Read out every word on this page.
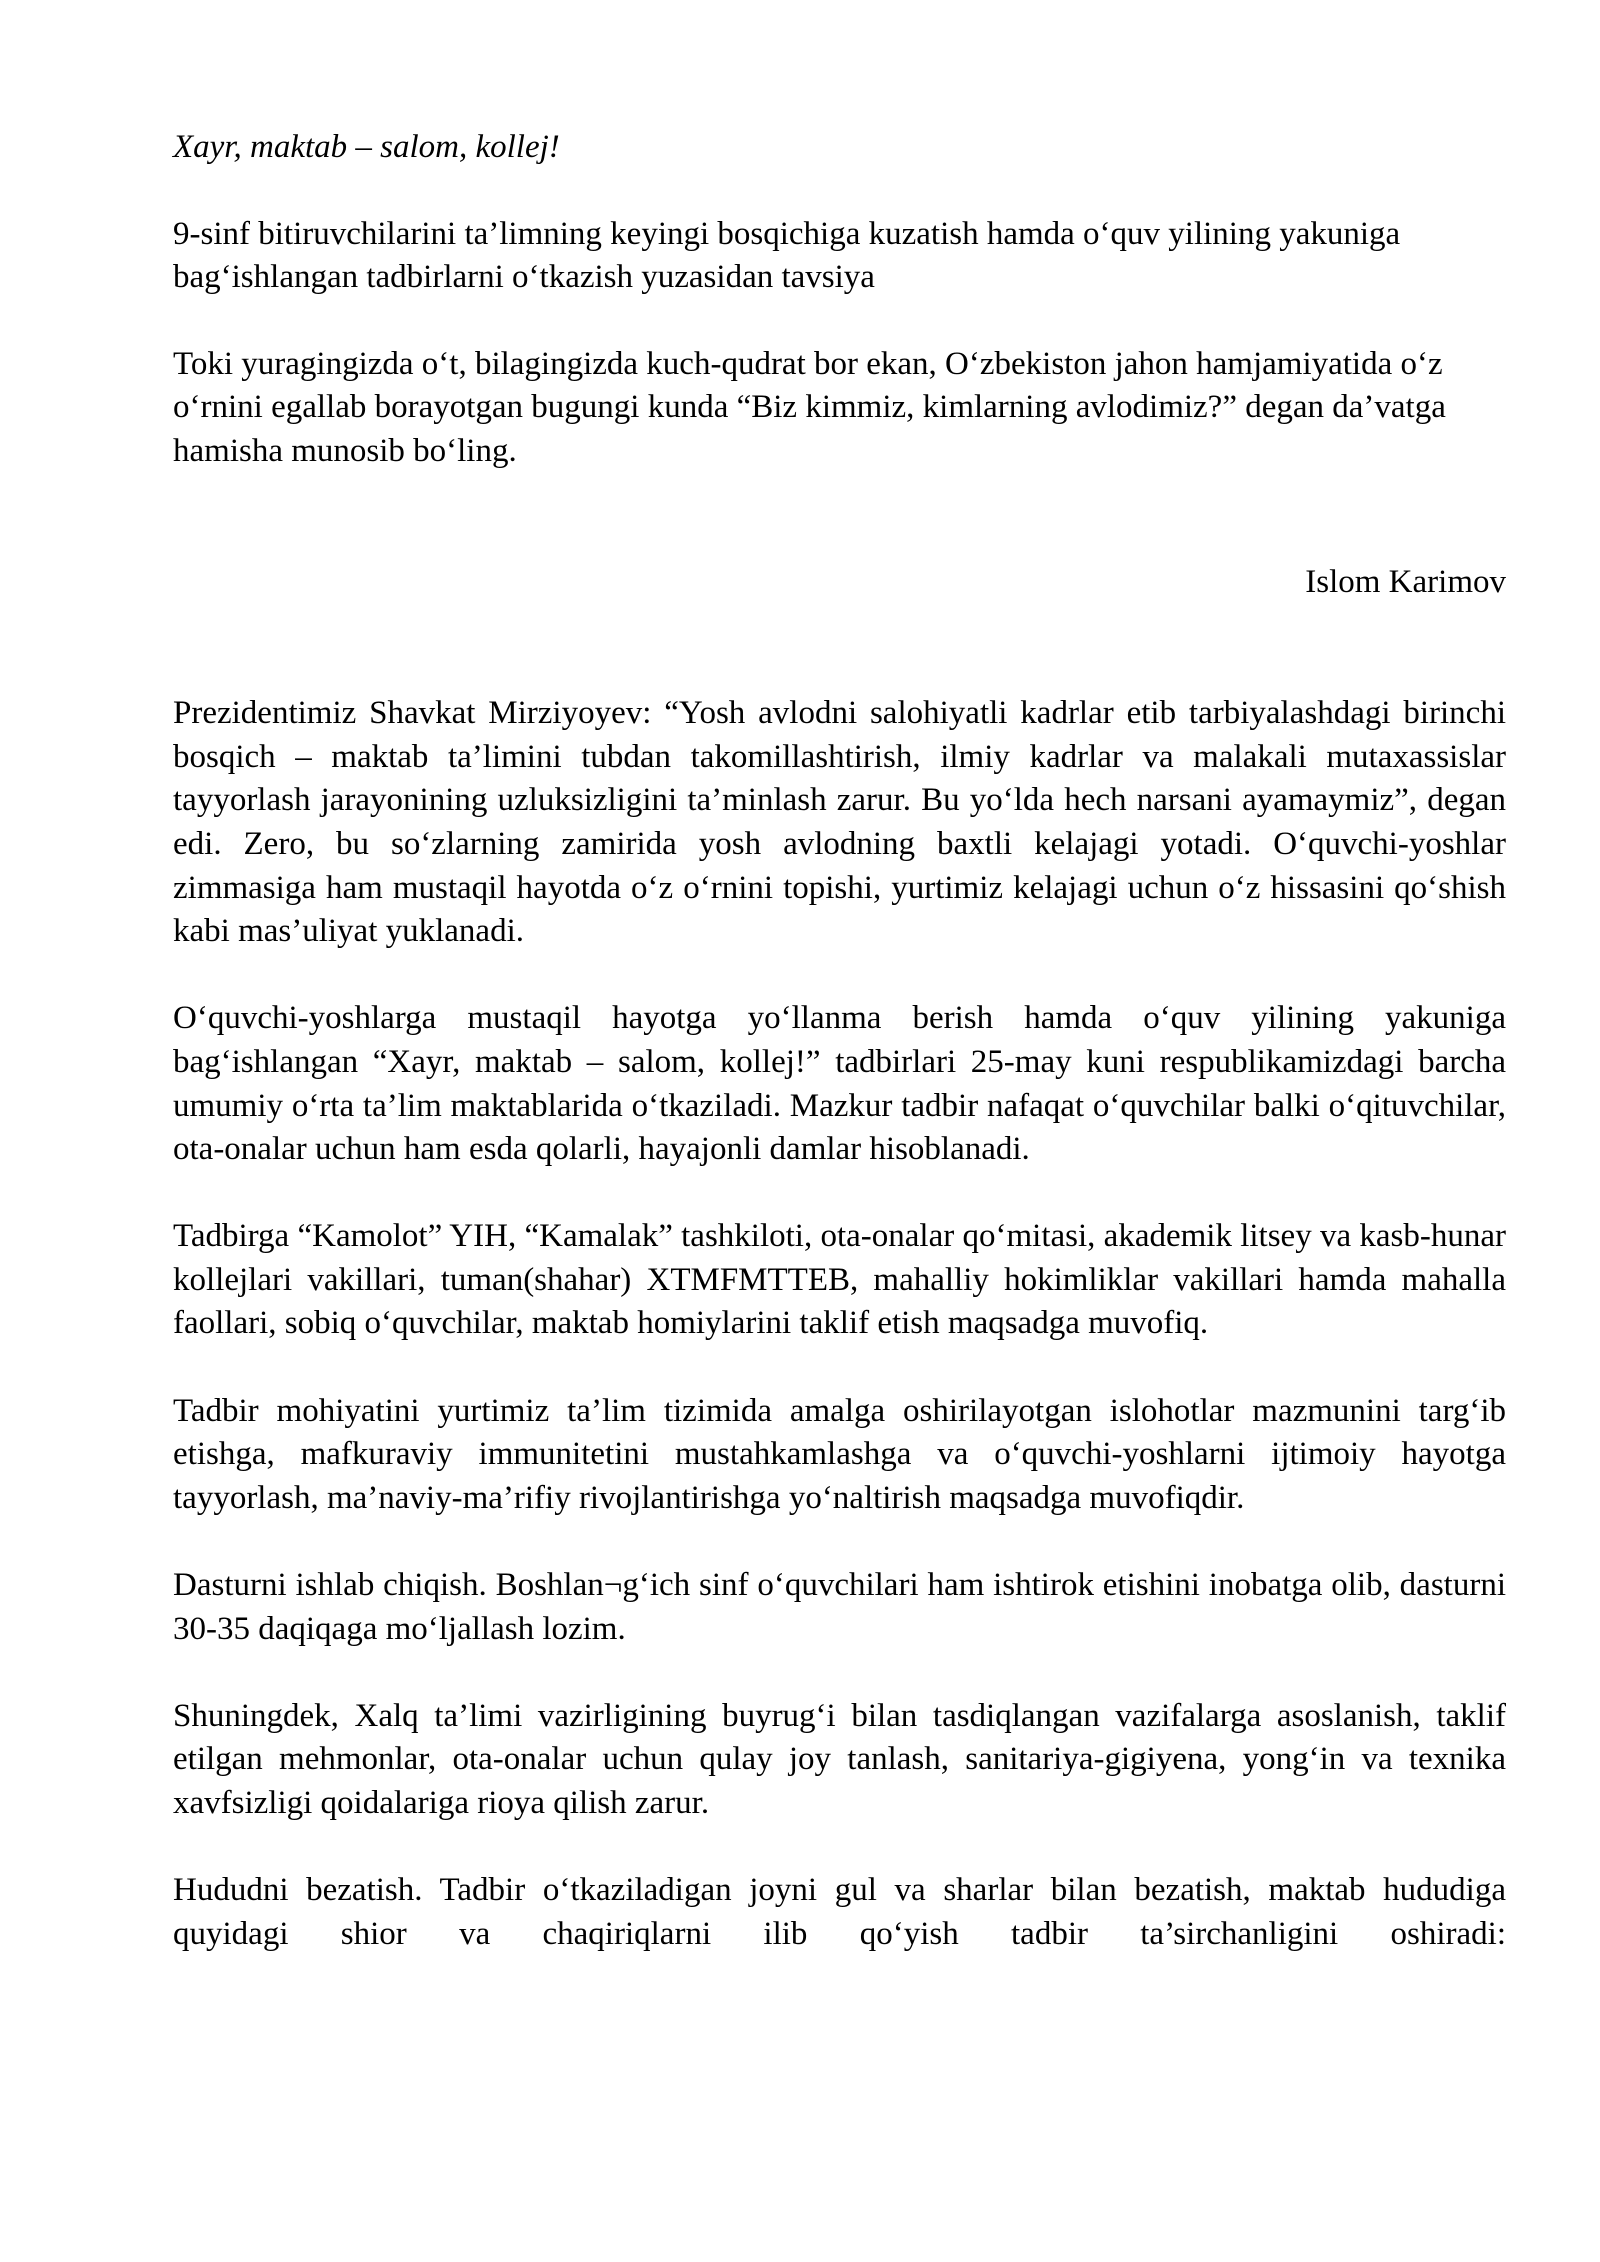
Xayr, maktab – salom, kollej!

9-sinf bitiruvchilarini ta’limning keyingi bosqichiga kuzatish hamda o‘quv yilining yakuniga bag‘ishlangan tadbirlarni o‘tkazish yuzasidan tavsiya

Toki yuragingizda o‘t, bilagingizda kuch-qudrat bor ekan, O‘zbekiston jahon hamjamiyatida o‘z o‘rnini egallab borayotgan bugungi kunda “Biz kimmiz, kimlarning avlodimiz?” degan da’vatga hamisha munosib bo‘ling.

Islom Karimov

Prezidentimiz Shavkat Mirziyoyev: “Yosh avlodni salohiyatli kadrlar etib tarbiyalashdagi birinchi bosqich – maktab ta’limini tubdan takomillashtirish, ilmiy kadrlar va malakali mutaxassislar tayyorlash jarayonining uzluksizligini ta’minlash zarur. Bu yo‘lda hech narsani ayamaymiz”, degan edi. Zero, bu so‘zlarning zamirida yosh avlodning baxtli kelajagi yotadi. O‘quvchi-yoshlar zimmasiga ham mustaqil hayotda o‘z o‘rnini topishi, yurtimiz kelajagi uchun o‘z hissasini qo‘shish kabi mas’uliyat yuklanadi.

O‘quvchi-yoshlarga mustaqil hayotga yo‘llanma berish hamda o‘quv yilining yakuniga bag‘ishlangan “Xayr, maktab – salom, kollej!” tadbirlari 25-may kuni respublikamizdagi barcha umumiy o‘rta ta’lim maktablarida o‘tkaziladi. Mazkur tadbir nafaqat o‘quvchilar balki o‘qituvchilar, ota-onalar uchun ham esda qolarli, hayajonli damlar hisoblanadi.

Tadbirga “Kamolot” YIH, “Kamalak” tashkiloti, ota-onalar qo‘mitasi, akademik litsey va kasb-hunar kollejlari vakillari, tuman(shahar) XTMFMTTEB, mahalliy hokimliklar vakillari hamda mahalla faollari, sobiq o‘quvchilar, maktab homiylarini taklif etish maqsadga muvofiq.

Tadbir mohiyatini yurtimiz ta’lim tizimida amalga oshirilayotgan islohotlar mazmunini targ‘ib etishga, mafkuraviy immunitetini mustahkamlashga va o‘quvchi-yoshlarni ijtimoiy hayotga tayyorlash, ma’naviy-ma’rifiy rivojlantirishga yo‘naltirish maqsadga muvofiqdir.

Dasturni ishlab chiqish. Boshlan¬g‘ich sinf o‘quvchilari ham ishtirok etishini inobatga olib, dasturni 30-35 daqiqaga mo‘ljallash lozim.

Shuningdek, Xalq ta’limi vazirligining buyrug‘i bilan tasdiqlangan vazifalarga asoslanish, taklif etilgan mehmonlar, ota-onalar uchun qulay joy tanlash, sanitariya-gigiyena, yong‘in va texnika xavfsizligi qoidalariga rioya qilish zarur.

Hududni bezatish. Tadbir o‘tkaziladigan joyni gul va sharlar bilan bezatish, maktab hududiga quyidagi shior va chaqiriqlarni ilib qo‘yish tadbir ta’sirchanligini oshiradi:
